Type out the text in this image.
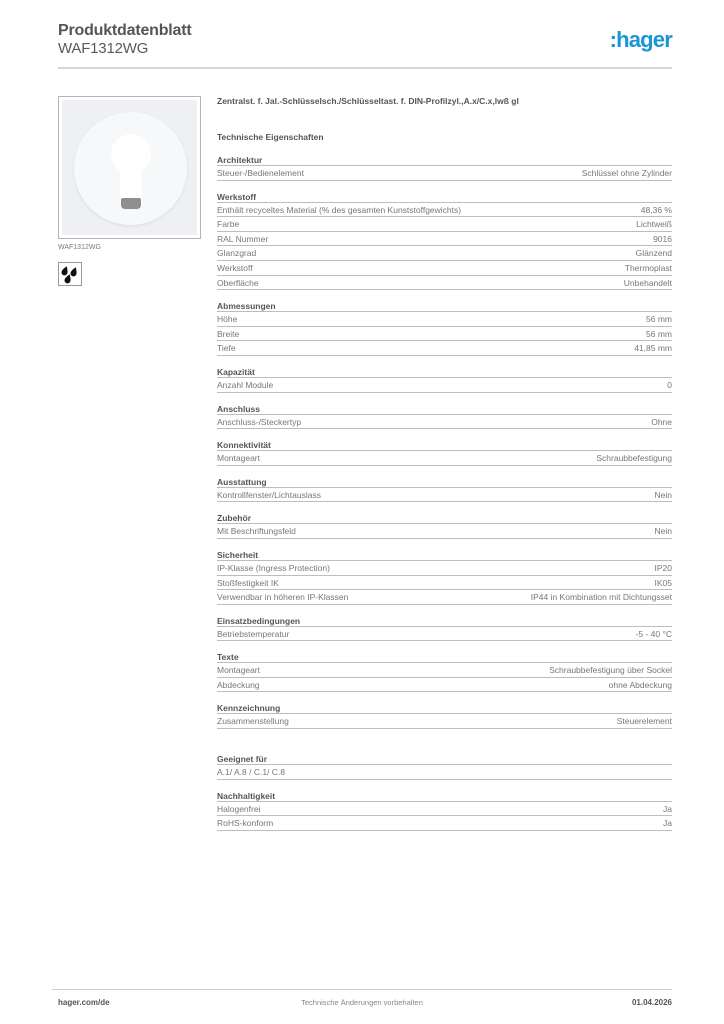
Produktdatenblatt
WAF1312WG	:hager
WAF1312WG
Zentralst. f. Jal.-Schlüsselsch./Schlüsseltast. f. DIN-Profilzyl.,A.x/C.x,lwß gl
Technische Eigenschaften
Architektur
Steuer-/Bedienelement	Schlüssel ohne Zylinder
Werkstoff
Enthält recyceltes Material (% des gesamten Kunststoffgewichts)	48,36 %
Farbe	Lichtweiß
RAL Nummer	9016
Glanzgrad	Glänzend
Werkstoff	Thermoplast
Oberfläche	Unbehandelt
Abmessungen
Höhe	56 mm
Breite	56 mm
Tiefe	41,85 mm
Kapazität
Anzahl Module	0
Anschluss
Anschluss-/Steckertyp	Ohne
Konnektivität
Montageart	Schraubbefestigung
Ausstattung
Kontrollfenster/Lichtauslass	Nein
Zubehör
Mit Beschriftungsfeld	Nein
Sicherheit
IP-Klasse (Ingress Protection)	IP20
Stoßfestigkeit IK	IK05
Verwendbar in höheren IP-Klassen	IP44 in Kombination mit Dichtungsset
Einsatzbedingungen
Betriebstemperatur	-5 - 40 °C
Texte
Montageart	Schraubbefestigung über Sockel
Abdeckung	ohne Abdeckung
Kennzeichnung
Zusammenstellung	Steuerelement
Geeignet für
A.1/ A.8 / C.1/ C.8
Nachhaltigkeit
Halogenfrei	Ja
RoHS-konform	Ja
hager.com/de	Technische Änderungen vorbehalten	01.04.2026
